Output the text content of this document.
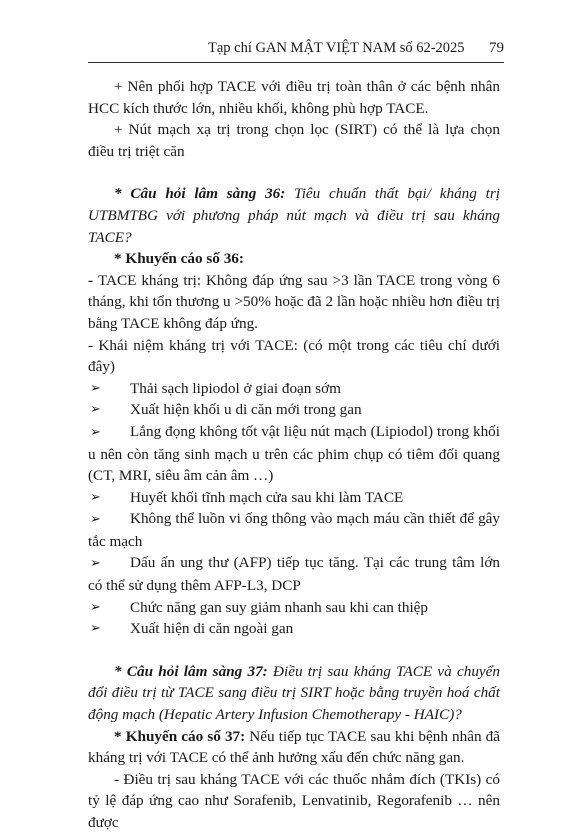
Tạp chí GAN MẬT VIỆT NAM số 62-2025 79

+ Nên phối hợp TACE với điều trị toàn thân ở các bệnh nhân HCC kích thước lớn, nhiều khối, không phù hợp TACE.

+ Nút mạch xạ trị trong chọn lọc (SIRT) có thể là lựa chọn điều trị triệt căn

* Câu hỏi lâm sàng 36: Tiêu chuẩn thất bại/ kháng trị UTBMTBG với phương pháp nút mạch và điều trị sau kháng TACE?

* Khuyến cáo số 36:

- TACE kháng trị: Không đáp ứng sau >3 lần TACE trong vòng 6 tháng, khi tổn thương u >50% hoặc đã 2 lần hoặc nhiều hơn điều trị bằng TACE không đáp ứng.

- Khái niệm kháng trị với TACE: (có một trong các tiêu chí dưới đây)

➢	Thải sạch lipiodol ở giai đoạn sớm

➢	Xuất hiện khối u di căn mới trong gan

➢ Lắng đọng không tốt vật liệu nút mạch (Lipiodol) trong khối u nên còn tăng sinh mạch u trên các phim chụp có tiêm đối quang (CT, MRI, siêu âm cản âm …)

➢	Huyết khối tĩnh mạch cửa sau khi làm TACE

➢ Không thể luồn vi ống thông vào mạch máu cần thiết để gây tắc mạch

➢ Dấu ấn ung thư (AFP) tiếp tục tăng. Tại các trung tâm lớn có thể sử dụng thêm AFP-L3, DCP

➢	Chức năng gan suy giảm nhanh sau khi can thiệp

➢	Xuất hiện di căn ngoài gan

* Câu hỏi lâm sàng 37: Điều trị sau kháng TACE và chuyển đổi điều trị từ TACE sang điều trị SIRT hoặc bằng truyền hoá chất động mạch (Hepatic Artery Infusion Chemotherapy - HAIC)?

* Khuyến cáo số 37: Nếu tiếp tục TACE sau khi bệnh nhân đã kháng trị với TACE có thể ảnh hưởng xấu đến chức năng gan.

- Điều trị sau kháng TACE với các thuốc nhắm đích (TKIs) có tỷ lệ đáp ứng cao như Sorafenib, Lenvatinib, Regorafenib … nên được
